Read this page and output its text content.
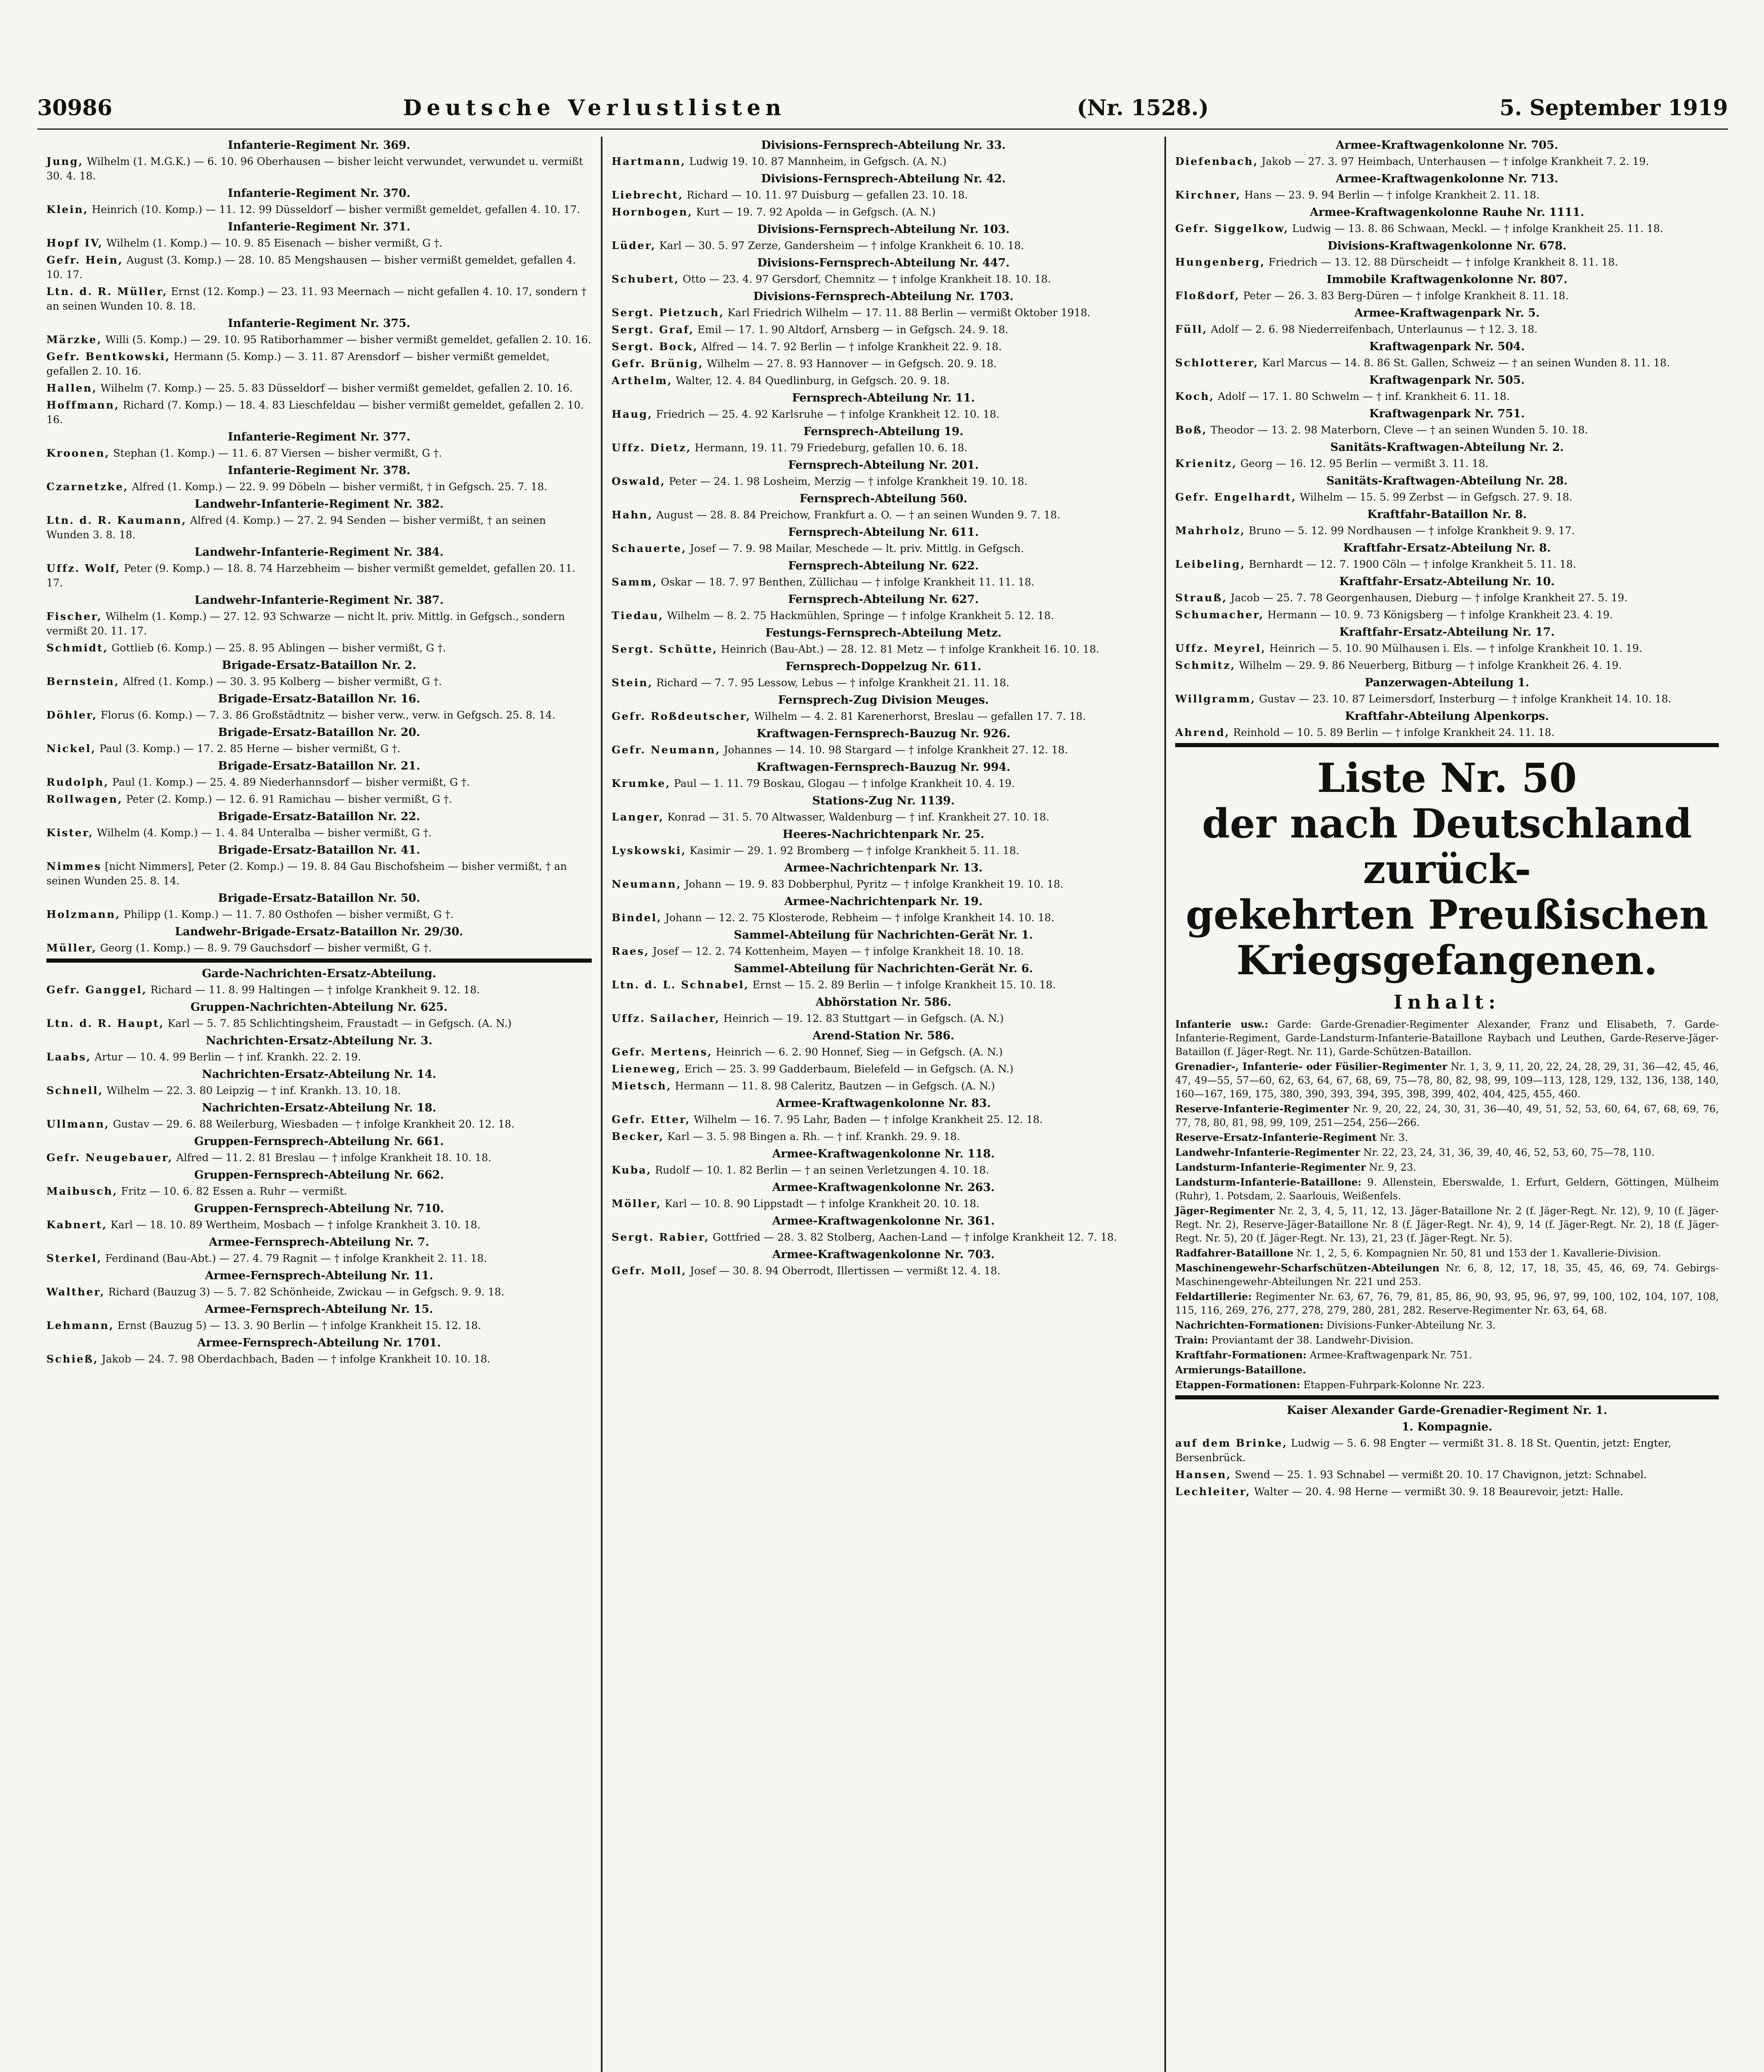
30986	Deutsche Verlustlisten	(Nr. 1528.)	5. September 1919
Infanterie-Regiment Nr. 369.
Jung, Wilhelm (1. M.G.K.) — 6. 10. 96 Oberhausen — bisher leicht verwundet, verwundet u. vermißt 30. 4. 18.
Infanterie-Regiment Nr. 370.
Klein, Heinrich (10. Komp.) — 11. 12. 99 Düsseldorf — bisher vermißt gemeldet, gefallen 4. 10. 17.
Infanterie-Regiment Nr. 371.
Hopf IV, Wilhelm (1. Komp.) — 10. 9. 85 Eisenach — bisher vermißt, G †.
Gefr. Hein, August (3. Komp.) — 28. 10. 85 Mengshausen — bisher vermißt gemeldet, gefallen 4. 10. 17.
Ltn. d. R. Müller, Ernst (12. Komp.) — 23. 11. 93 Meernach — nicht gefallen 4. 10. 17, sondern † an seinen Wunden 10. 8. 18.
Infanterie-Regiment Nr. 375.
Märzke, Willi (5. Komp.) — 29. 10. 95 Ratiborhammer — bisher vermißt gemeldet, gefallen 2. 10. 16.
Gefr. Bentkowski, Hermann (5. Komp.) — 3. 11. 87 Arensdorf — bisher vermißt gemeldet, gefallen 2. 10. 16.
Hallen, Wilhelm (7. Komp.) — 25. 5. 83 Düsseldorf — bisher vermißt gemeldet, gefallen 2. 10. 16.
Hoffmann, Richard (7. Komp.) — 18. 4. 83 Lieschfeldau — bisher vermißt gemeldet, gefallen 2. 10. 16.
Infanterie-Regiment Nr. 377.
Kroonen, Stephan (1. Komp.) — 11. 6. 87 Viersen — bisher vermißt, G †.
Infanterie-Regiment Nr. 378.
Czarnetzke, Alfred (1. Komp.) — 22. 9. 99 Döbeln — bisher vermißt, † in Gefgsch. 25. 7. 18.
Landwehr-Infanterie-Regiment Nr. 382.
Ltn. d. R. Kaumann, Alfred (4. Komp.) — 27. 2. 94 Senden — bisher vermißt, † an seinen Wunden 3. 8. 18.
Landwehr-Infanterie-Regiment Nr. 384.
Uffz. Wolf, Peter (9. Komp.) — 18. 8. 74 Harzebheim — bisher vermißt gemeldet, gefallen 20. 11. 17.
Landwehr-Infanterie-Regiment Nr. 387.
Fischer, Wilhelm (1. Komp.) — 27. 12. 93 Schwarze — nicht lt. priv. Mittlg. in Gefgsch., sondern vermißt 20. 11. 17.
Schmidt, Gottlieb (6. Komp.) — 25. 8. 95 Ablingen — bisher vermißt, G †.
Brigade-Ersatz-Bataillon Nr. 2.
Bernstein, Alfred (1. Komp.) — 30. 3. 95 Kolberg — bisher vermißt, G †.
Brigade-Ersatz-Bataillon Nr. 16.
Döhler, Florus (6. Komp.) — 7. 3. 86 Großstädtnitz — bisher verw., verw. in Gefgsch. 25. 8. 14.
Brigade-Ersatz-Bataillon Nr. 20.
Nickel, Paul (3. Komp.) — 17. 2. 85 Herne — bisher vermißt, G †.
Brigade-Ersatz-Bataillon Nr. 21.
Rudolph, Paul (1. Komp.) — 25. 4. 89 Niederhannsdorf — bisher vermißt, G †.
Rollwagen, Peter (2. Komp.) — 12. 6. 91 Ramichau — bisher vermißt, G †.
Brigade-Ersatz-Bataillon Nr. 22.
Kister, Wilhelm (4. Komp.) — 1. 4. 84 Unteralba — bisher vermißt, G †.
Brigade-Ersatz-Bataillon Nr. 41.
Nimmes [nicht Nimmers], Peter (2. Komp.) — 19. 8. 84 Gau Bischofsheim — bisher vermißt, † an seinen Wunden 25. 8. 14.
Brigade-Ersatz-Bataillon Nr. 50.
Holzmann, Philipp (1. Komp.) — 11. 7. 80 Osthofen — bisher vermißt, G †.
Landwehr-Brigade-Ersatz-Bataillon Nr. 29/30.
Müller, Georg (1. Komp.) — 8. 9. 79 Gauchsdorf — bisher vermißt, G †.
Garde-Nachrichten-Ersatz-Abteilung.
Gefr. Ganggel, Richard — 11. 8. 99 Haltingen — † infolge Krankheit 9. 12. 18.
Gruppen-Nachrichten-Abteilung Nr. 625.
Ltn. d. R. Haupt, Karl — 5. 7. 85 Schlichtingsheim, Fraustadt — in Gefgsch. (A. N.)
Nachrichten-Ersatz-Abteilung Nr. 3.
Laabs, Artur — 10. 4. 99 Berlin — † inf. Krankh. 22. 2. 19.
Nachrichten-Ersatz-Abteilung Nr. 14.
Schnell, Wilhelm — 22. 3. 80 Leipzig — † inf. Krankh. 13. 10. 18.
Nachrichten-Ersatz-Abteilung Nr. 18.
Ullmann, Gustav — 29. 6. 88 Weilerburg, Wiesbaden — † infolge Krankheit 20. 12. 18.
Gruppen-Fernsprech-Abteilung Nr. 661.
Gefr. Neugebauer, Alfred — 11. 2. 81 Breslau — † infolge Krankheit 18. 10. 18.
Gruppen-Fernsprech-Abteilung Nr. 662.
Maibusch, Fritz — 10. 6. 82 Essen a. Ruhr — vermißt.
Gruppen-Fernsprech-Abteilung Nr. 710.
Kabnert, Karl — 18. 10. 89 Wertheim, Mosbach — † infolge Krankheit 3. 10. 18.
Armee-Fernsprech-Abteilung Nr. 7.
Sterkel, Ferdinand (Bau-Abt.) — 27. 4. 79 Ragnit — † infolge Krankheit 2. 11. 18.
Armee-Fernsprech-Abteilung Nr. 11.
Walther, Richard (Bauzug 3) — 5. 7. 82 Schönheide, Zwickau — in Gefgsch. 9. 9. 18.
Armee-Fernsprech-Abteilung Nr. 15.
Lehmann, Ernst (Bauzug 5) — 13. 3. 90 Berlin — † infolge Krankheit 15. 12. 18.
Armee-Fernsprech-Abteilung Nr. 1701.
Schieß, Jakob — 24. 7. 98 Oberdachbach, Baden — † infolge Krankheit 10. 10. 18.
Divisions-Fernsprech-Abteilung Nr. 33.
Hartmann, Ludwig 19. 10. 87 Mannheim, in Gefgsch. (A. N.)
Divisions-Fernsprech-Abteilung Nr. 42.
Liebrecht, Richard — 10. 11. 97 Duisburg — gefallen 23. 10. 18.
Hornbogen, Kurt — 19. 7. 92 Apolda — in Gefgsch. (A. N.)
Divisions-Fernsprech-Abteilung Nr. 103.
Lüder, Karl — 30. 5. 97 Zerze, Gandersheim — † infolge Krankheit 6. 10. 18.
Divisions-Fernsprech-Abteilung Nr. 447.
Schubert, Otto — 23. 4. 97 Gersdorf, Chemnitz — † infolge Krankheit 18. 10. 18.
Divisions-Fernsprech-Abteilung Nr. 1703.
Sergt. Pietzuch, Karl Friedrich Wilhelm — 17. 11. 88 Berlin — vermißt Oktober 1918.
Sergt. Graf, Emil — 17. 1. 90 Altdorf, Arnsberg — in Gefgsch. 24. 9. 18.
Sergt. Bock, Alfred — 14. 7. 92 Berlin — † infolge Krankheit 22. 9. 18.
Gefr. Brünig, Wilhelm — 27. 8. 93 Hannover — in Gefgsch. 20. 9. 18.
Arthelm, Walter, 12. 4. 84 Quedlinburg, in Gefgsch. 20. 9. 18.
Fernsprech-Abteilung Nr. 11.
Haug, Friedrich — 25. 4. 92 Karlsruhe — † infolge Krankheit 12. 10. 18.
Fernsprech-Abteilung 19.
Uffz. Dietz, Hermann, 19. 11. 79 Friedeburg, gefallen 10. 6. 18.
Fernsprech-Abteilung Nr. 201.
Oswald, Peter — 24. 1. 98 Losheim, Merzig — † infolge Krankheit 19. 10. 18.
Fernsprech-Abteilung 560.
Hahn, August — 28. 8. 84 Preichow, Frankfurt a. O. — † an seinen Wunden 9. 7. 18.
Fernsprech-Abteilung Nr. 611.
Schauerte, Josef — 7. 9. 98 Mailar, Meschede — lt. priv. Mittlg. in Gefgsch.
Fernsprech-Abteilung Nr. 622.
Samm, Oskar — 18. 7. 97 Benthen, Züllichau — † infolge Krankheit 11. 11. 18.
Fernsprech-Abteilung Nr. 627.
Tiedau, Wilhelm — 8. 2. 75 Hackmühlen, Springe — † infolge Krankheit 5. 12. 18.
Festungs-Fernsprech-Abteilung Metz.
Sergt. Schütte, Heinrich (Bau-Abt.) — 28. 12. 81 Metz — † infolge Krankheit 16. 10. 18.
Fernsprech-Doppelzug Nr. 611.
Stein, Richard — 7. 7. 95 Lessow, Lebus — † infolge Krankheit 21. 11. 18.
Fernsprech-Zug Division Meuges.
Gefr. Roßdeutscher, Wilhelm — 4. 2. 81 Karenerhorst, Breslau — gefallen 17. 7. 18.
Kraftwagen-Fernsprech-Bauzug Nr. 926.
Gefr. Neumann, Johannes — 14. 10. 98 Stargard — † infolge Krankheit 27. 12. 18.
Kraftwagen-Fernsprech-Bauzug Nr. 994.
Krumke, Paul — 1. 11. 79 Boskau, Glogau — † infolge Krankheit 10. 4. 19.
Stations-Zug Nr. 1139.
Langer, Konrad — 31. 5. 70 Altwasser, Waldenburg — † inf. Krankheit 27. 10. 18.
Heeres-Nachrichtenpark Nr. 25.
Lyskowski, Kasimir — 29. 1. 92 Bromberg — † infolge Krankheit 5. 11. 18.
Armee-Nachrichtenpark Nr. 13.
Neumann, Johann — 19. 9. 83 Dobberphul, Pyritz — † infolge Krankheit 19. 10. 18.
Armee-Nachrichtenpark Nr. 19.
Bindel, Johann — 12. 2. 75 Klosterode, Rebheim — † infolge Krankheit 14. 10. 18.
Sammel-Abteilung für Nachrichten-Gerät Nr. 1.
Raes, Josef — 12. 2. 74 Kottenheim, Mayen — † infolge Krankheit 18. 10. 18.
Sammel-Abteilung für Nachrichten-Gerät Nr. 6.
Ltn. d. L. Schnabel, Ernst — 15. 2. 89 Berlin — † infolge Krankheit 15. 10. 18.
Abhörstation Nr. 586.
Uffz. Sailacher, Heinrich — 19. 12. 83 Stuttgart — in Gefgsch. (A. N.)
Arend-Station Nr. 586.
Gefr. Mertens, Heinrich — 6. 2. 90 Honnef, Sieg — in Gefgsch. (A. N.)
Lieneweg, Erich — 25. 3. 99 Gadderbaum, Bielefeld — in Gefgsch. (A. N.)
Mietsch, Hermann — 11. 8. 98 Caleritz, Bautzen — in Gefgsch. (A. N.)
Armee-Kraftwagenkolonne Nr. 83.
Gefr. Etter, Wilhelm — 16. 7. 95 Lahr, Baden — † infolge Krankheit 25. 12. 18.
Becker, Karl — 3. 5. 98 Bingen a. Rh. — † inf. Krankh. 29. 9. 18.
Armee-Kraftwagenkolonne Nr. 118.
Kuba, Rudolf — 10. 1. 82 Berlin — † an seinen Verletzungen 4. 10. 18.
Armee-Kraftwagenkolonne Nr. 263.
Möller, Karl — 10. 8. 90 Lippstadt — † infolge Krankheit 20. 10. 18.
Armee-Kraftwagenkolonne Nr. 361.
Sergt. Rabier, Gottfried — 28. 3. 82 Stolberg, Aachen-Land — † infolge Krankheit 12. 7. 18.
Armee-Kraftwagenkolonne Nr. 703.
Gefr. Moll, Josef — 30. 8. 94 Oberrodt, Illertissen — vermißt 12. 4. 18.
Armee-Kraftwagenkolonne Nr. 705.
Diefenbach, Jakob — 27. 3. 97 Heimbach, Unterhausen — † infolge Krankheit 7. 2. 19.
Armee-Kraftwagenkolonne Nr. 713.
Kirchner, Hans — 23. 9. 94 Berlin — † infolge Krankheit 2. 11. 18.
Armee-Kraftwagenkolonne Rauhe Nr. 1111.
Gefr. Siggelkow, Ludwig — 13. 8. 86 Schwaan, Meckl. — † infolge Krankheit 25. 11. 18.
Divisions-Kraftwagenkolonne Nr. 678.
Hungenberg, Friedrich — 13. 12. 88 Dürscheidt — † infolge Krankheit 8. 11. 18.
Immobile Kraftwagenkolonne Nr. 807.
Floßdorf, Peter — 26. 3. 83 Berg-Düren — † infolge Krankheit 8. 11. 18.
Armee-Kraftwagenpark Nr. 5.
Füll, Adolf — 2. 6. 98 Niederreifenbach, Unterlaunus — † 12. 3. 18.
Kraftwagenpark Nr. 504.
Schlotterer, Karl Marcus — 14. 8. 86 St. Gallen, Schweiz — † an seinen Wunden 8. 11. 18.
Kraftwagenpark Nr. 505.
Koch, Adolf — 17. 1. 80 Schwelm — † inf. Krankheit 6. 11. 18.
Kraftwagenpark Nr. 751.
Boß, Theodor — 13. 2. 98 Materborn, Cleve — † an seinen Wunden 5. 10. 18.
Sanitäts-Kraftwagen-Abteilung Nr. 2.
Krienitz, Georg — 16. 12. 95 Berlin — vermißt 3. 11. 18.
Sanitäts-Kraftwagen-Abteilung Nr. 28.
Gefr. Engelhardt, Wilhelm — 15. 5. 99 Zerbst — in Gefgsch. 27. 9. 18.
Kraftfahr-Bataillon Nr. 8.
Mahrholz, Bruno — 5. 12. 99 Nordhausen — † infolge Krankheit 9. 9. 17.
Kraftfahr-Ersatz-Abteilung Nr. 8.
Leibeling, Bernhardt — 12. 7. 1900 Cöln — † infolge Krankheit 5. 11. 18.
Kraftfahr-Ersatz-Abteilung Nr. 10.
Strauß, Jacob — 25. 7. 78 Georgenhausen, Dieburg — † infolge Krankheit 27. 5. 19.
Schumacher, Hermann — 10. 9. 73 Königsberg — † infolge Krankheit 23. 4. 19.
Kraftfahr-Ersatz-Abteilung Nr. 17.
Uffz. Meyrel, Heinrich — 5. 10. 90 Mülhausen i. Els. — † infolge Krankheit 10. 1. 19.
Schmitz, Wilhelm — 29. 9. 86 Neuerberg, Bitburg — † infolge Krankheit 26. 4. 19.
Panzerwagen-Abteilung 1.
Willgramm, Gustav — 23. 10. 87 Leimersdorf, Insterburg — † infolge Krankheit 14. 10. 18.
Kraftfahr-Abteilung Alpenkorps.
Ahrend, Reinhold — 10. 5. 89 Berlin — † infolge Krankheit 24. 11. 18.
Liste Nr. 50
der nach Deutschland zurück-
gekehrten Preußischen
Kriegsgefangenen.
Inhalt:

Infanterie usw.: Garde: Garde-Grenadier-Regimenter Alexander, Franz und Elisabeth, 7. Garde-Infanterie-Regiment, Garde-Landsturm-Infanterie-Bataillone Raybach und Leuthen, Garde-Reserve-Jäger-Bataillon (f. Jäger-Regt. Nr. 11), Garde-Schützen-Bataillon.

Grenadier-, Infanterie- oder Füsilier-Regimenter Nr. 1, 3, 9, 11, 20, 22, 24, 28, 29, 31, 36—42, 45, 46, 47, 49—55, 57—60, 62, 63, 64, 67, 68, 69, 75—78, 80, 82, 98, 99, 109—113, 128, 129, 132, 136, 138, 140, 160—167, 169, 175, 380, 390, 393, 394, 395, 398, 399, 402, 404, 425, 455, 460.

Reserve-Infanterie-Regimenter Nr. 9, 20, 22, 24, 30, 31, 36—40, 49, 51, 52, 53, 60, 64, 67, 68, 69, 76, 77, 78, 80, 81, 98, 99, 109, 251—254, 256—266.

Reserve-Ersatz-Infanterie-Regiment Nr. 3.

Landwehr-Infanterie-Regimenter Nr. 22, 23, 24, 31, 36, 39, 40, 46, 52, 53, 60, 75—78, 110.

Landsturm-Infanterie-Regimenter Nr. 9, 23.

Landsturm-Infanterie-Bataillone: 9. Allenstein, Eberswalde, 1. Erfurt, Geldern, Göttingen, Mülheim (Ruhr), 1. Potsdam, 2. Saarlouis, Weißenfels.

Jäger-Regimenter Nr. 2, 3, 4, 5, 11, 12, 13. Jäger-Bataillone Nr. 2 (f. Jäger-Regt. Nr. 12), 9, 10 (f. Jäger-Regt. Nr. 2), Reserve-Jäger-Bataillone Nr. 8 (f. Jäger-Regt. Nr. 4), 9, 14 (f. Jäger-Regt. Nr. 2), 18 (f. Jäger-Regt. Nr. 5), 20 (f. Jäger-Regt. Nr. 13), 21, 23 (f. Jäger-Regt. Nr. 5).

Radfahrer-Bataillone Nr. 1, 2, 5, 6. Kompagnien Nr. 50, 81 und 153 der 1. Kavallerie-Division.

Maschinengewehr-Scharfschützen-Abteilungen Nr. 6, 8, 12, 17, 18, 35, 45, 46, 69, 74. Gebirgs-Maschinengewehr-Abteilungen Nr. 221 und 253.

Feldartillerie: Regimenter Nr. 63, 67, 76, 79, 81, 85, 86, 90, 93, 95, 96, 97, 99, 100, 102, 104, 107, 108, 115, 116, 269, 276, 277, 278, 279, 280, 281, 282. Reserve-Regimenter Nr. 63, 64, 68.

Nachrichten-Formationen: Divisions-Funker-Abteilung Nr. 3.

Train: Proviantamt der 38. Landwehr-Division.

Kraftfahr-Formationen: Armee-Kraftwagenpark Nr. 751.

Armierungs-Bataillone.

Etappen-Formationen: Etappen-Fuhrpark-Kolonne Nr. 223.

Kaiser Alexander Garde-Grenadier-Regiment Nr. 1.
1. Kompagnie.
auf dem Brinke, Ludwig — 5. 6. 98 Engter — vermißt 31. 8. 18 St. Quentin, jetzt: Engter, Bersenbrück.
Hansen, Swend — 25. 1. 93 Schnabel — vermißt 20. 10. 17 Chavignon, jetzt: Schnabel.
Lechleiter, Walter — 20. 4. 98 Herne — vermißt 30. 9. 18 Beaurevoir, jetzt: Halle.
